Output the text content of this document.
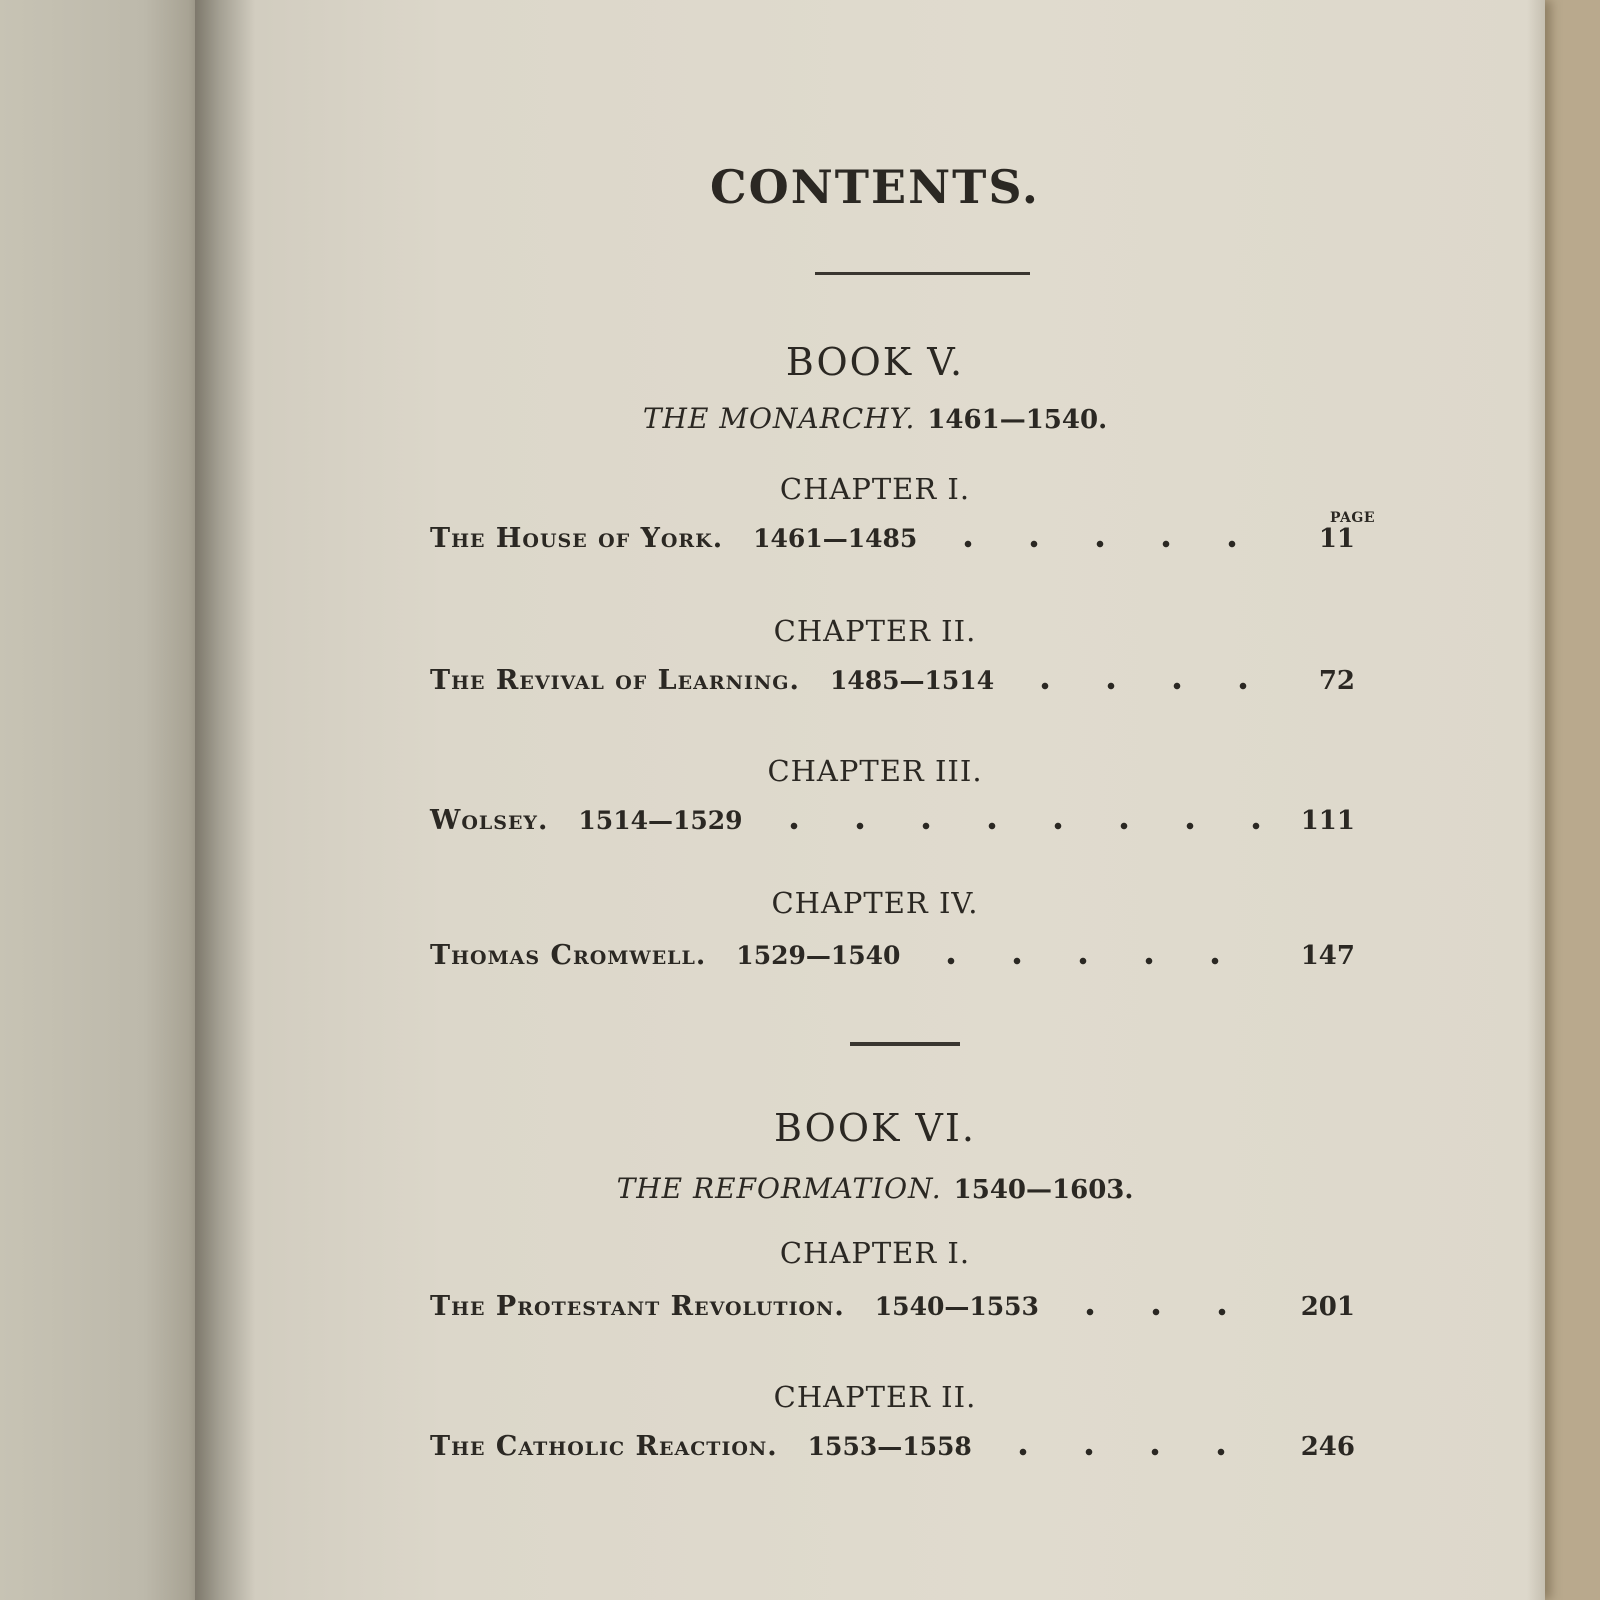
CONTENTS.
BOOK V.
THE MONARCHY. 1461—1540.
CHAPTER I.
PAGE
The House of York. 1461—1485	11
CHAPTER II.
The Revival of Learning. 1485—1514	72
CHAPTER III.
Wolsey. 1514—1529	111
CHAPTER IV.
Thomas Cromwell. 1529—1540	147
BOOK VI.
THE REFORMATION. 1540—1603.
CHAPTER I.
The Protestant Revolution. 1540—1553	201
CHAPTER II.
The Catholic Reaction. 1553—1558	246
